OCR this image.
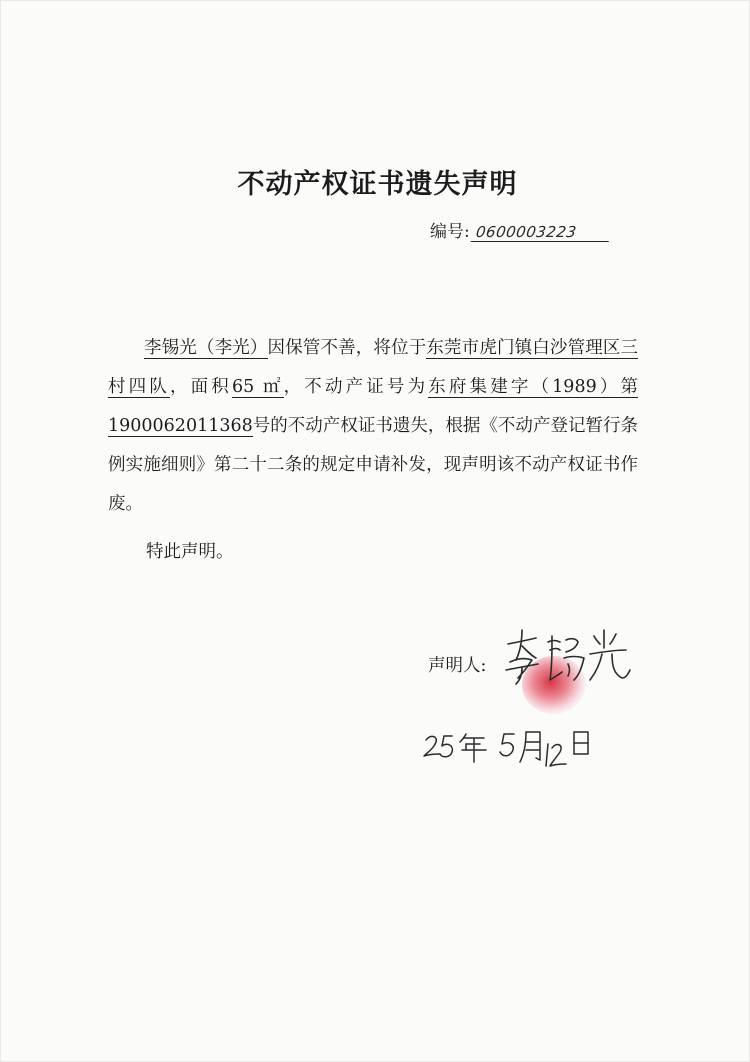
不动产权证书遗失声明
编号: 0600003223
李锡光（李光）因保管不善，将位于东莞市虎门镇白沙管理区三村四队，面积65 ㎡，不动产证号为东府集建字（1989）第 1900062011368号的不动产权证书遗失，根据《不动产登记暂行条例实施细则》第二十二条的规定申请补发，现声明该不动产权证书作废。
特此声明。
声明人:
